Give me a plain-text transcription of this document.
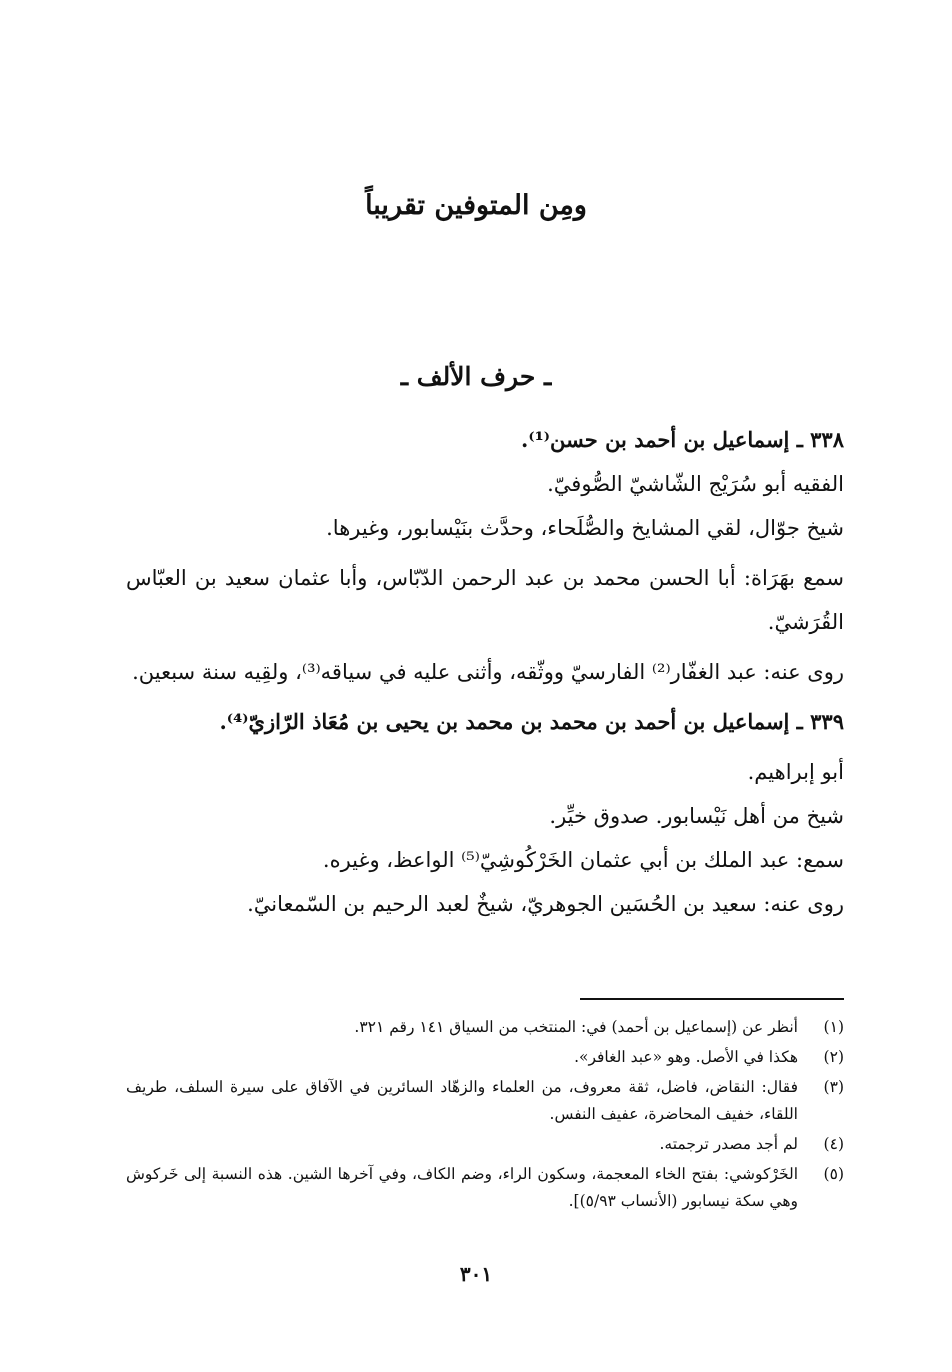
ومِن المتوفين تقريباً
ـ حرف الألف ـ

٣٣٨ ـ إسماعيل بن أحمد بن حسن⁽¹⁾.

الفقيه أبو سُرَيْج الشّاشيّ الصُّوفيّ.

شيخ جوّال، لقي المشايخ والصُّلَحاء، وحدَّث بنَيْسابور، وغيرها.

سمع بهَرَاة: أبا الحسن محمد بن عبد الرحمن الدّبّاس، وأبا عثمان سعيد بن العبّاس القُرَشيّ.

روى عنه: عبد الغفّار⁽²⁾ الفارسيّ ووثّقه، وأثنى عليه في سياقه⁽³⁾، ولقِيه سنة سبعين.

٣٣٩ ـ إسماعيل بن أحمد بن محمد بن محمد بن يحيى بن مُعَاذ الرّازيّ⁽⁴⁾.

أبو إبراهيم.

شيخ من أهل نَيْسابور. صدوق خيِّر.

سمع: عبد الملك بن أبي عثمان الخَرْكُوشِيّ⁽⁵⁾ الواعظ، وغيره.

روى عنه: سعيد بن الحُسَين الجوهريّ، شيخٌ لعبد الرحيم بن السّمعانيّ.

(١)
أنظر عن (إسماعيل بن أحمد) في: المنتخب من السياق ١٤١ رقم ٣٢١.
(٢)
هكذا في الأصل. وهو «عبد الغافر».
(٣)
فقال: النقاض، فاضل، ثقة معروف، من العلماء والزهّاد السائرين في الآفاق على سيرة السلف، طريف اللقاء، خفيف المحاضرة، عفيف النفس.
(٤)
لم أجد مصدر ترجمته.
(٥)
الخَرْكوشي: بفتح الخاء المعجمة، وسكون الراء، وضم الكاف، وفي آخرها الشين. هذه النسبة إلى خَركوش وهي سكة نيسابور (الأنساب ٥/٩٣)].
٣٠١
